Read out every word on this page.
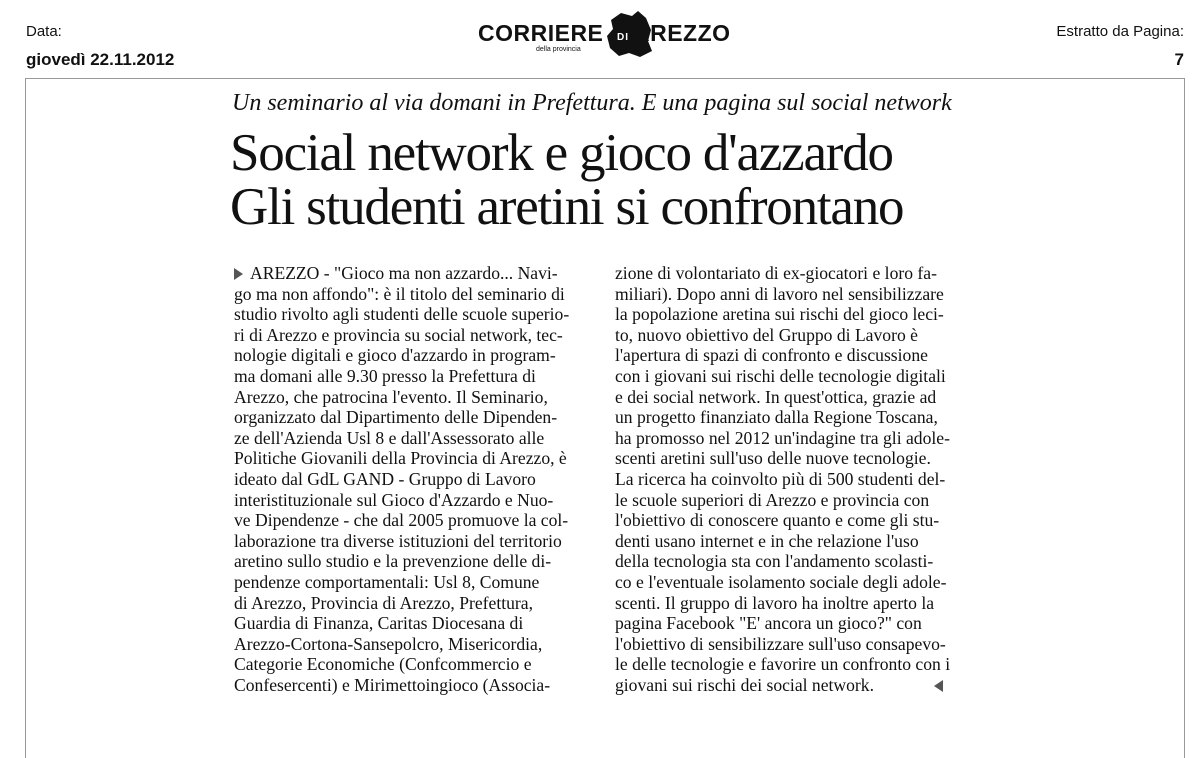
Data:
giovedì 22.11.2012
CORRIERE DI AREZZO
della provincia
Estratto da Pagina:
7
Un seminario al via domani in Prefettura. E una pagina sul social network
Social network e gioco d'azzardo
Gli studenti aretini si confrontano
AREZZO - "Gioco ma non azzardo... Navi-
go ma non affondo": è il titolo del seminario di
studio rivolto agli studenti delle scuole superio-
ri di Arezzo e provincia su social network, tec-
nologie digitali e gioco d'azzardo in program-
ma domani alle 9.30 presso la Prefettura di
Arezzo, che patrocina l'evento. Il Seminario,
organizzato dal Dipartimento delle Dipenden-
ze dell'Azienda Usl 8 e dall'Assessorato alle
Politiche Giovanili della Provincia di Arezzo, è
ideato dal GdL GAND - Gruppo di Lavoro
interistituzionale sul Gioco d'Azzardo e Nuo-
ve Dipendenze - che dal 2005 promuove la col-
laborazione tra diverse istituzioni del territorio
aretino sullo studio e la prevenzione delle di-
pendenze comportamentali: Usl 8, Comune
di Arezzo, Provincia di Arezzo, Prefettura,
Guardia di Finanza, Caritas Diocesana di
Arezzo-Cortona-Sansepolcro, Misericordia,
Categorie Economiche (Confcommercio e
Confesercenti) e Mirimettoingioco (Associa-
zione di volontariato di ex-giocatori e loro fa-
miliari). Dopo anni di lavoro nel sensibilizzare
la popolazione aretina sui rischi del gioco leci-
to, nuovo obiettivo del Gruppo di Lavoro è
l'apertura di spazi di confronto e discussione
con i giovani sui rischi delle tecnologie digitali
e dei social network. In quest'ottica, grazie ad
un progetto finanziato dalla Regione Toscana,
ha promosso nel 2012 un'indagine tra gli adole-
scenti aretini sull'uso delle nuove tecnologie.
La ricerca ha coinvolto più di 500 studenti del-
le scuole superiori di Arezzo e provincia con
l'obiettivo di conoscere quanto e come gli stu-
denti usano internet e in che relazione l'uso
della tecnologia sta con l'andamento scolasti-
co e l'eventuale isolamento sociale degli adole-
scenti. Il gruppo di lavoro ha inoltre aperto la
pagina Facebook "E' ancora un gioco?" con
l'obiettivo di sensibilizzare sull'uso consapevo-
le delle tecnologie e favorire un confronto con i
giovani sui rischi dei social network.
